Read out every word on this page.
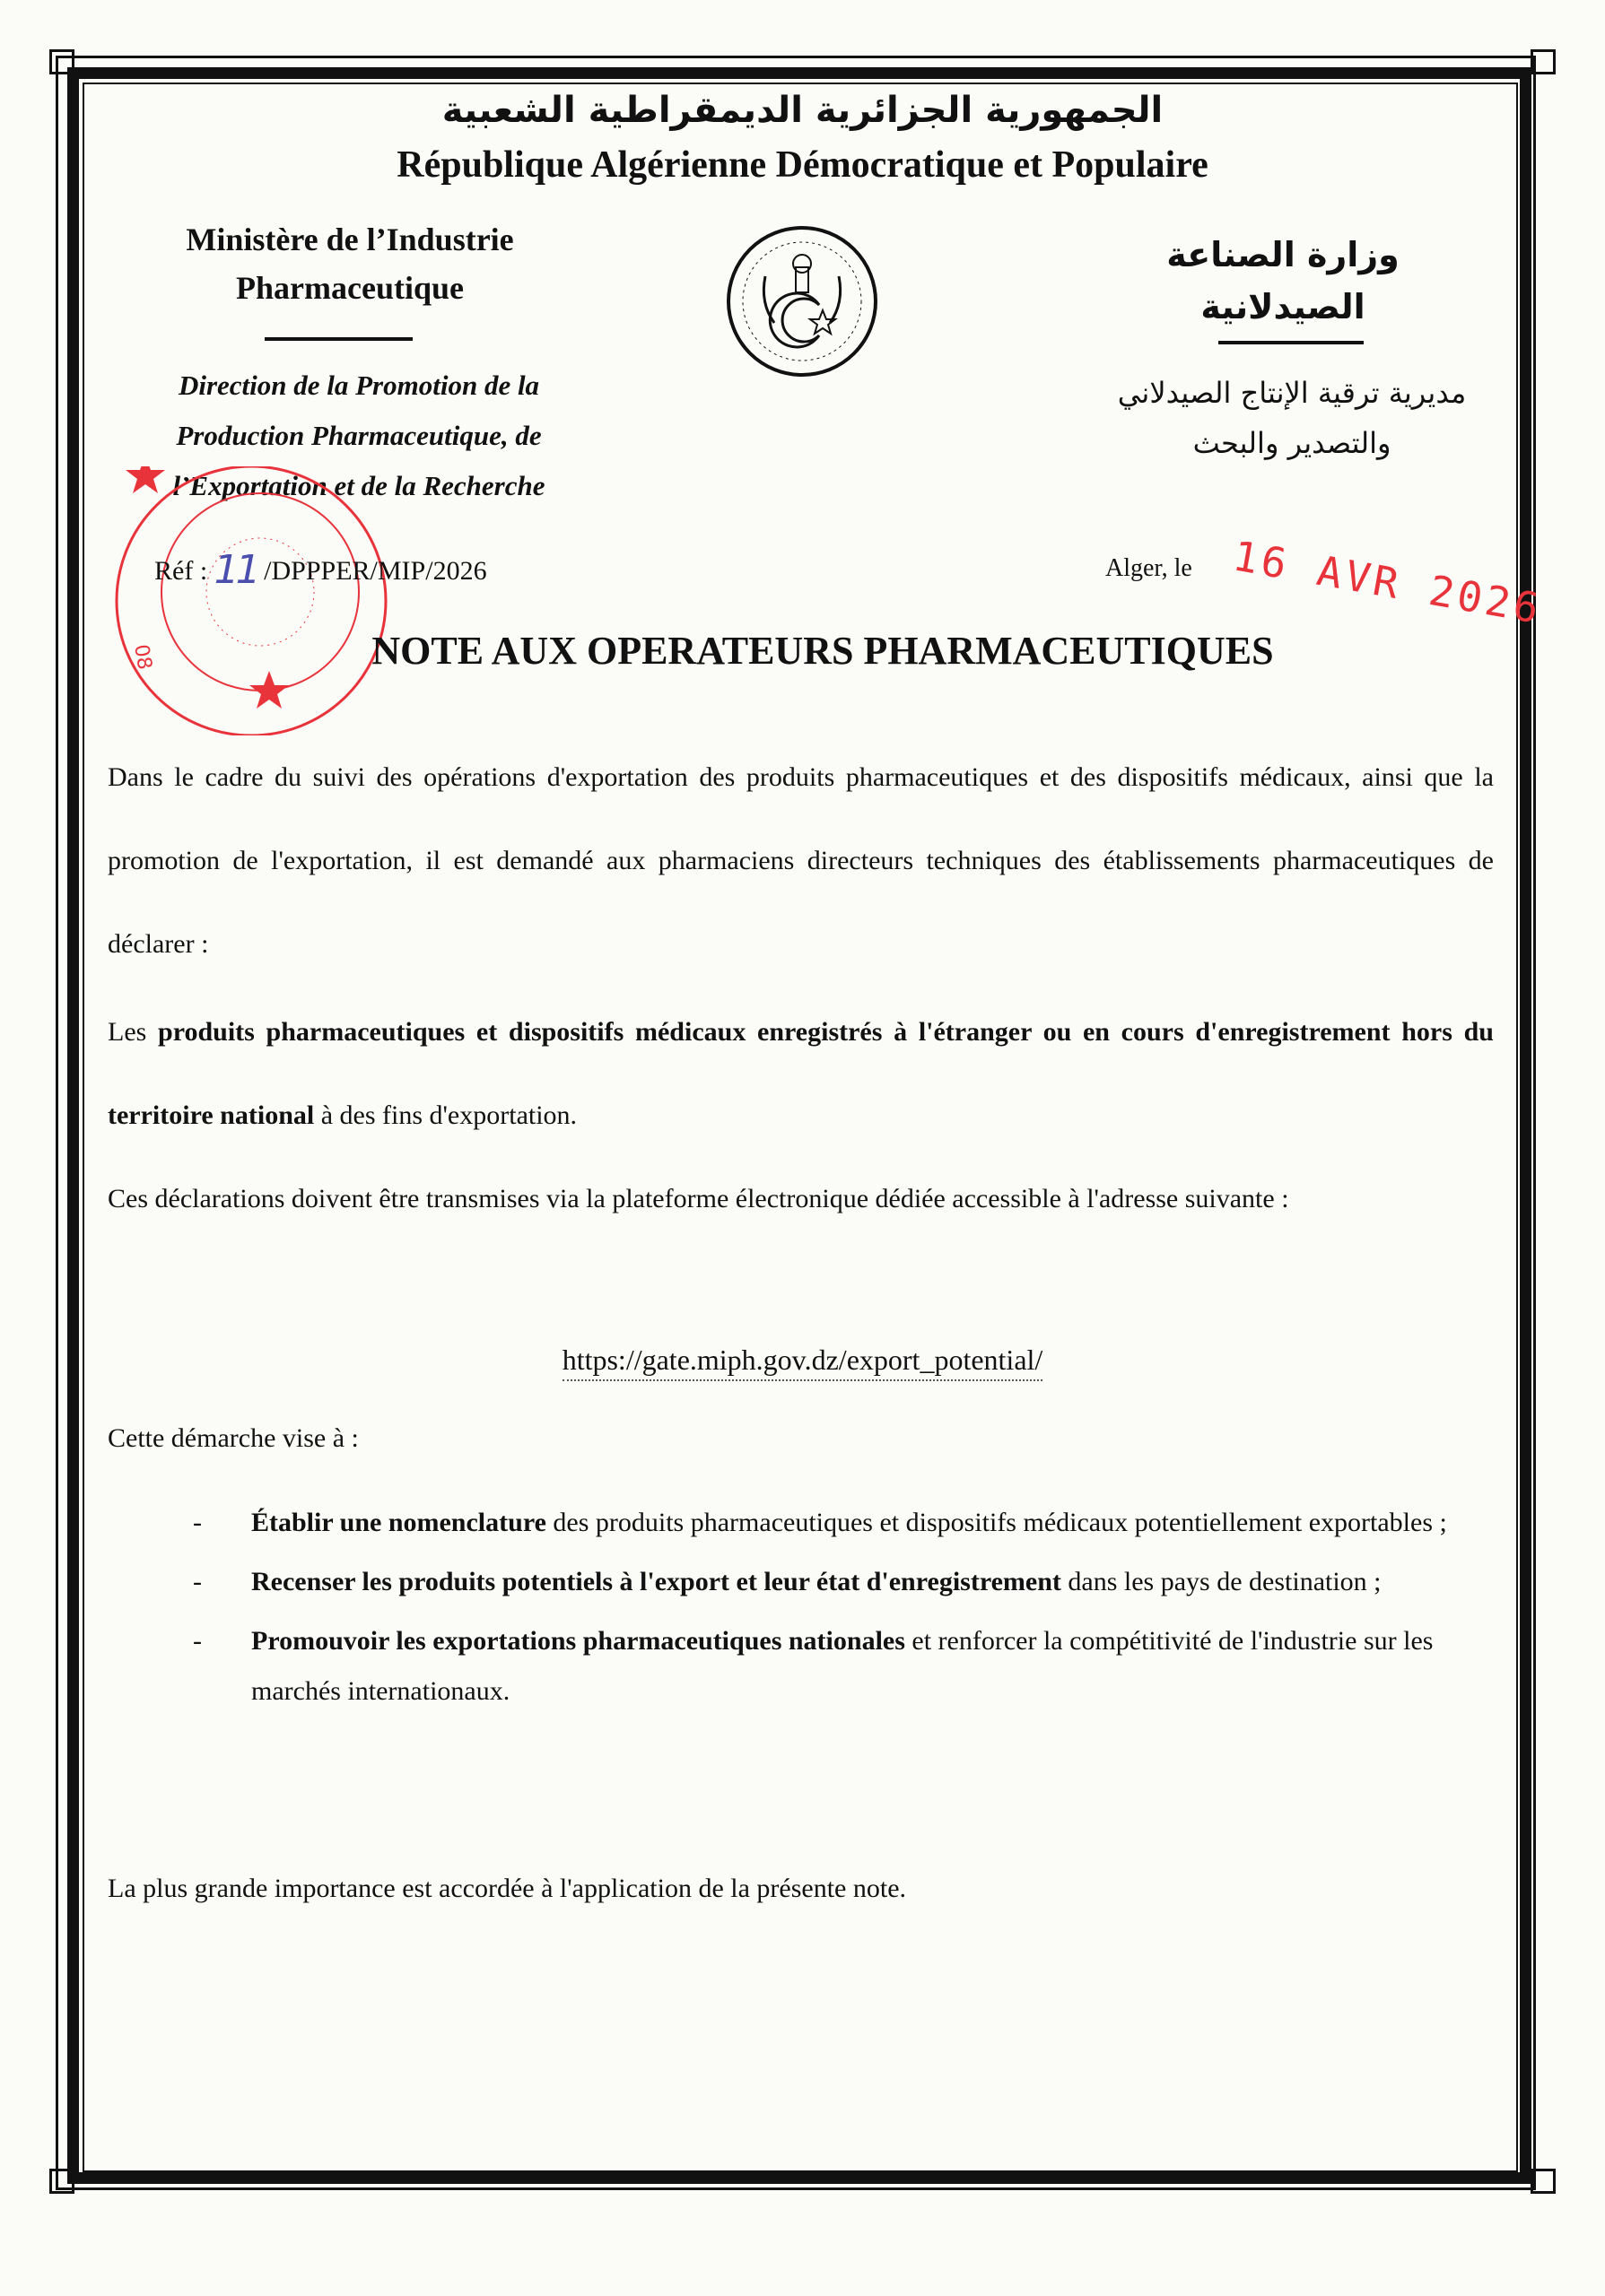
الجمهورية الجزائرية الديمقراطية الشعبية
République Algérienne Démocratique et Populaire
Ministère de l’Industrie
Pharmaceutique
Direction de la Promotion de la
Production Pharmaceutique, de
l’Exportation et de la Recherche
وزارة الصناعة
الصيدلانية
مديرية ترقية الإنتاج الصيدلاني
والتصدير والبحث
08
Réf : 11 /DPPPER/MIP/2026	Alger, le 16 AVR 2026
NOTE AUX OPERATEURS PHARMACEUTIQUES
Dans le cadre du suivi des opérations d'exportation des produits pharmaceutiques et des dispositifs médicaux, ainsi que la promotion de l'exportation, il est demandé aux pharmaciens directeurs techniques des établissements pharmaceutiques de déclarer :
Les produits pharmaceutiques et dispositifs médicaux enregistrés à l'étranger ou en cours d'enregistrement hors du territoire national à des fins d'exportation.
Ces déclarations doivent être transmises via la plateforme électronique dédiée accessible à l'adresse suivante :
https://gate.miph.gov.dz/export_potential/
Cette démarche vise à :
- Établir une nomenclature des produits pharmaceutiques et dispositifs médicaux potentiellement exportables ;
- Recenser les produits potentiels à l'export et leur état d'enregistrement dans les pays de destination ;
- Promouvoir les exportations pharmaceutiques nationales et renforcer la compétitivité de l'industrie sur les marchés internationaux.
La plus grande importance est accordée à l'application de la présente note.
